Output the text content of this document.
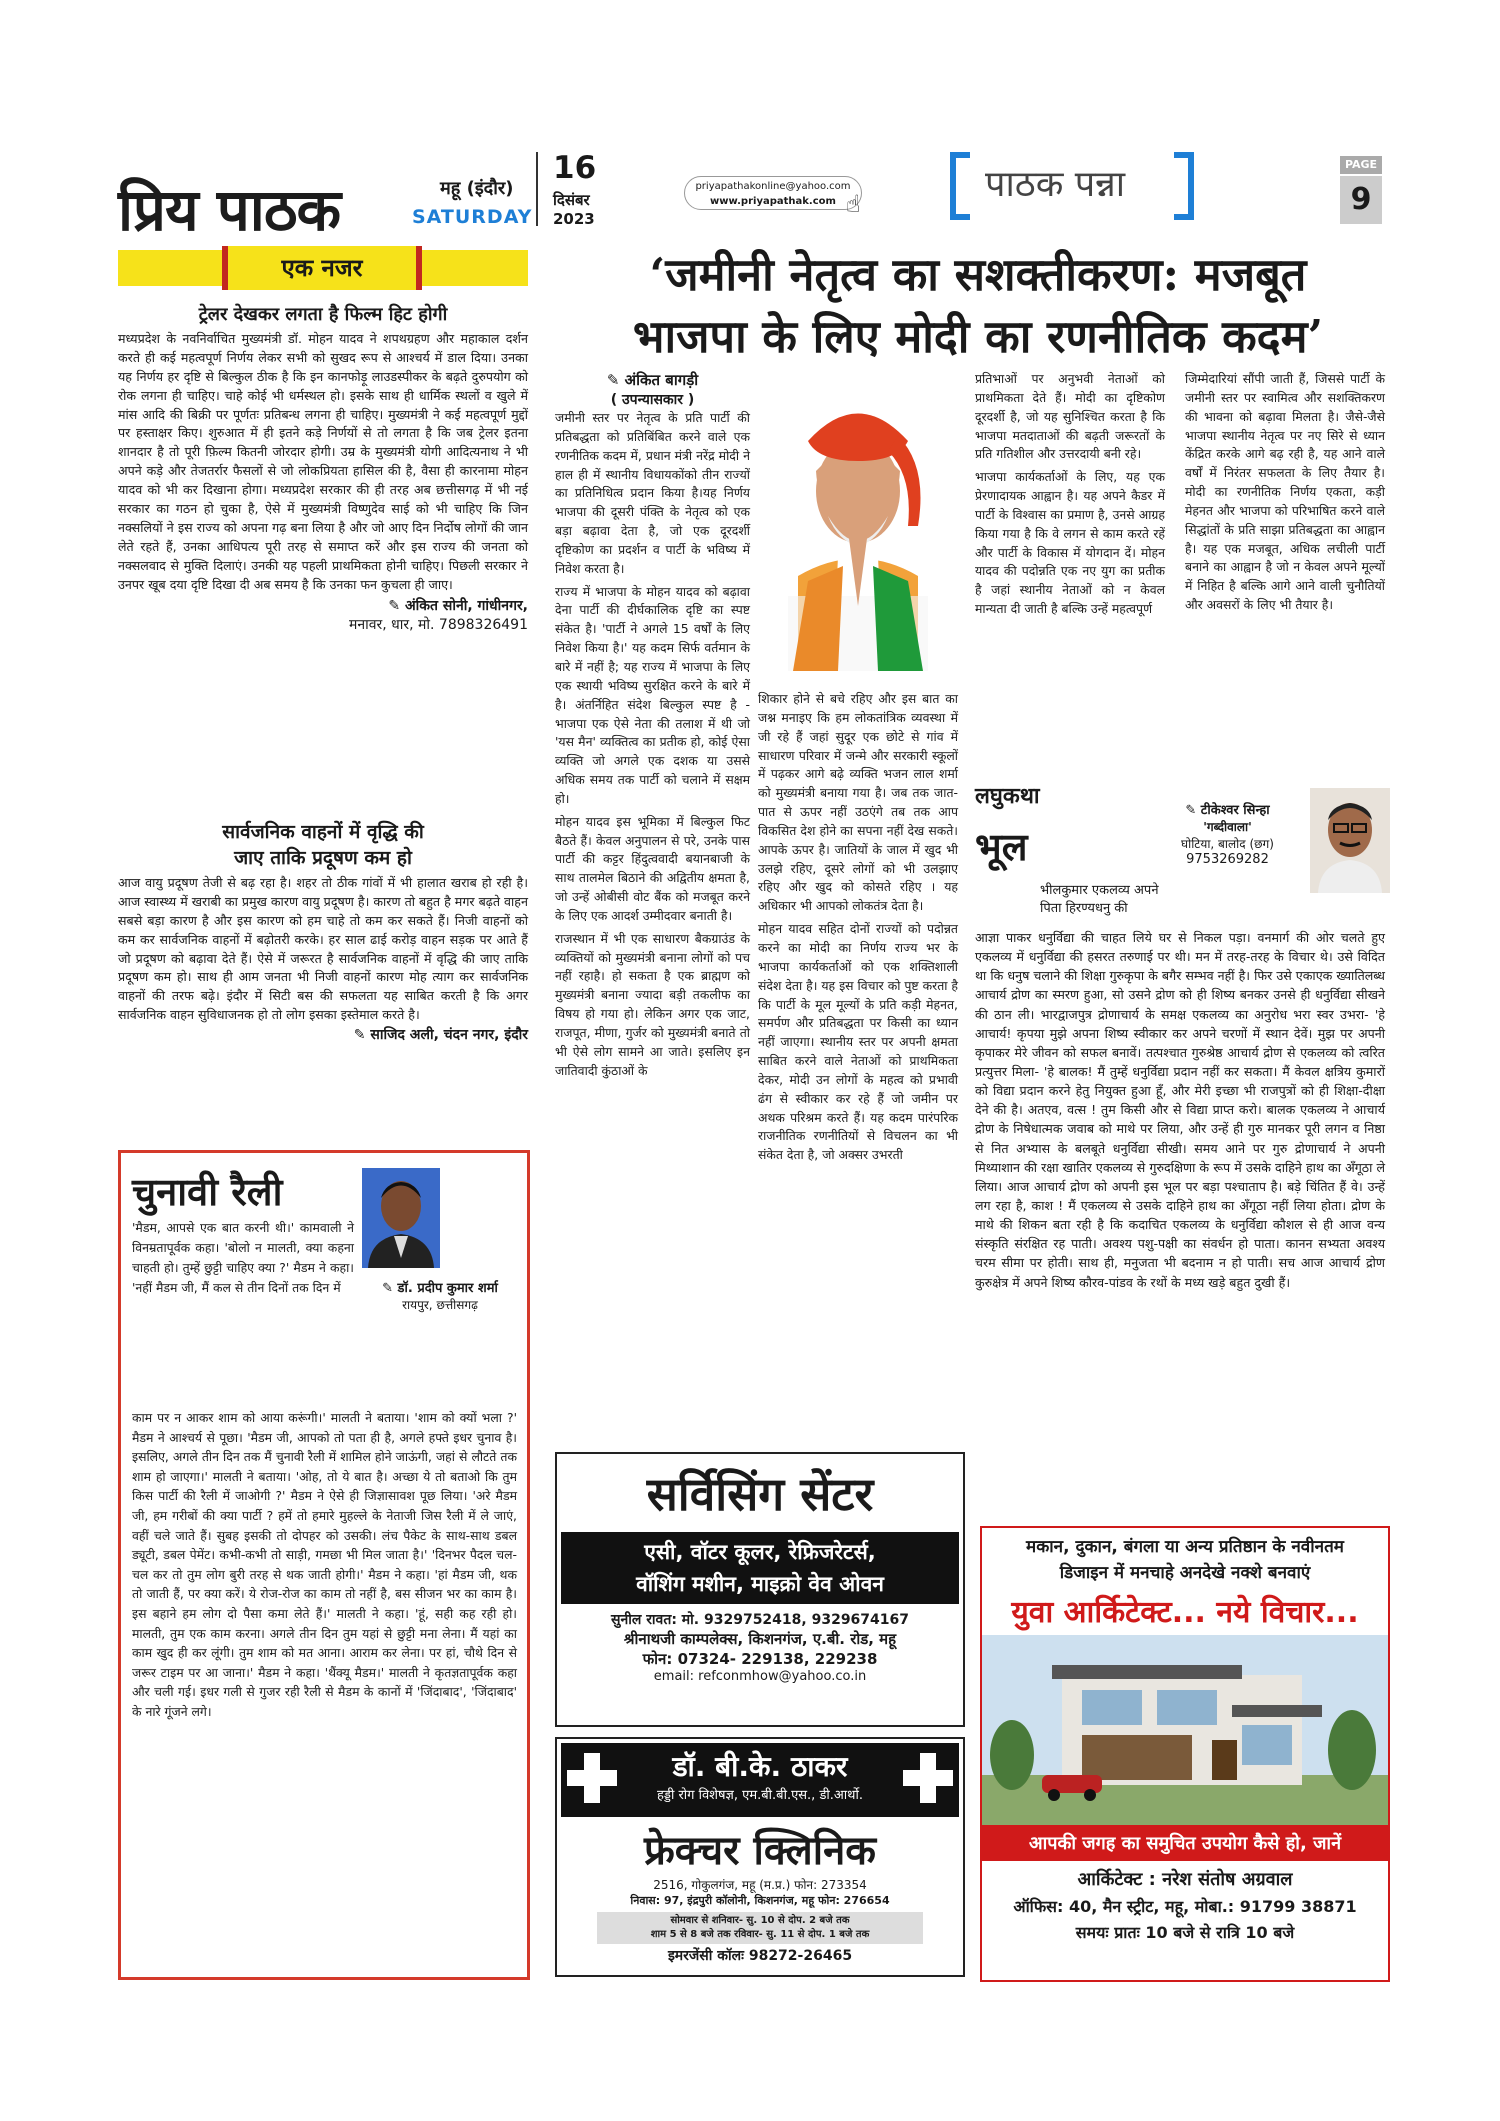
प्रिय पाठक	महू (इंदौर)
SATURDAY
16
दिसंबर
2023
priyapathakonline@yahoo.com
www.priyapathak.com ☝	पाठक पन्ना	PAGE
9
एक नजर
ट्रेलर देखकर लगता है फिल्म हिट होगी

मध्यप्रदेश के नवनिर्वाचित मुख्यमंत्री डॉ. मोहन यादव ने शपथग्रहण और महाकाल दर्शन करते ही कई महत्वपूर्ण निर्णय लेकर सभी को सुखद रूप से आश्चर्य में डाल दिया। उनका यह निर्णय हर दृष्टि से बिल्कुल ठीक है कि इन कानफोड़ू लाउडस्पीकर के बढ़ते दुरुपयोग को रोक लगना ही चाहिए। चाहे कोई भी धर्मस्थल हो। इसके साथ ही धार्मिक स्थलों व खुले में मांस आदि की बिक्री पर पूर्णतः प्रतिबन्ध लगना ही चाहिए। मुख्यमंत्री ने कई महत्वपूर्ण मुद्दों पर हस्ताक्षर किए। शुरुआत में ही इतने कड़े निर्णयों से तो लगता है कि जब ट्रेलर इतना शानदार है तो पूरी फ़िल्म कितनी जोरदार होगी। उम्र के मुख्यमंत्री योगी आदित्यनाथ ने भी अपने कड़े और तेजतर्रार फैसलों से जो लोकप्रियता हासिल की है, वैसा ही कारनामा मोहन यादव को भी कर दिखाना होगा। मध्यप्रदेश सरकार की ही तरह अब छत्तीसगढ़ में भी नई सरकार का गठन हो चुका है, ऐसे में मुख्यमंत्री विष्णुदेव साई को भी चाहिए कि जिन नक्सलियों ने इस राज्य को अपना गढ़ बना लिया है और जो आए दिन निर्दोष लोगों की जान लेते रहते हैं, उनका आधिपत्य पूरी तरह से समाप्त करें और इस राज्य की जनता को नक्सलवाद से मुक्ति दिलाएं। उनकी यह पहली प्राथमिकता होनी चाहिए। पिछली सरकार ने उनपर खूब दया दृष्टि दिखा दी अब समय है कि उनका फन कुचला ही जाए।

✎ अंकित सोनी, गांधीनगर,
मनावर, धार, मो. 7898326491
सार्वजनिक वाहनों में वृद्धि की
जाए ताकि प्रदूषण कम हो

आज वायु प्रदूषण तेजी से बढ़ रहा है। शहर तो ठीक गांवों में भी हालात खराब हो रही है। आज स्वास्थ्य में खराबी का प्रमुख कारण वायु प्रदूषण है। कारण तो बहुत है मगर बढ़ते वाहन सबसे बड़ा कारण है और इस कारण को हम चाहे तो कम कर सकते हैं। निजी वाहनों को कम कर सार्वजनिक वाहनों में बढ़ोतरी करके। हर साल ढाई करोड़ वाहन सड़क पर आते हैं जो प्रदूषण को बढ़ावा देते हैं। ऐसे में जरूरत है सार्वजनिक वाहनों में वृद्धि की जाए ताकि प्रदूषण कम हो। साथ ही आम जनता भी निजी वाहनों कारण मोह त्याग कर सार्वजनिक वाहनों की तरफ बढ़े। इंदौर में सिटी बस की सफलता यह साबित करती है कि अगर सार्वजनिक वाहन सुविधाजनक हो तो लोग इसका इस्तेमाल करते है।

✎ साजिद अली, चंदन नगर, इंदौर
‘जमीनी नेतृत्व का सशक्तीकरण: मजबूत
भाजपा के लिए मोदी का रणनीतिक कदम’
✎ अंकित बागड़ी
( उपन्यासकार )

जमीनी स्तर पर नेतृत्व के प्रति पार्टी की प्रतिबद्धता को प्रतिबिंबित करने वाले एक रणनीतिक कदम में, प्रधान मंत्री नरेंद्र मोदी ने हाल ही में स्थानीय विधायकोंको तीन राज्यों का प्रतिनिधित्व प्रदान किया है।यह निर्णय भाजपा की दूसरी पंक्ति के नेतृत्व को एक बड़ा बढ़ावा देता है, जो एक दूरदर्शी दृष्टिकोण का प्रदर्शन व पार्टी के भविष्य में निवेश करता है।

राज्य में भाजपा के मोहन यादव को बढ़ावा देना पार्टी की दीर्घकालिक दृष्टि का स्पष्ट संकेत है। 'पार्टी ने अगले 15 वर्षों के लिए निवेश किया है।' यह कदम सिर्फ वर्तमान के बारे में नहीं है; यह राज्य में भाजपा के लिए एक स्थायी भविष्य सुरक्षित करने के बारे में है। अंतर्निहित संदेश बिल्कुल स्पष्ट है - भाजपा एक ऐसे नेता की तलाश में थी जो 'यस मैन' व्यक्तित्व का प्रतीक हो, कोई ऐसा व्यक्ति जो अगले एक दशक या उससे अधिक समय तक पार्टी को चलाने में सक्षम हो।

मोहन यादव इस भूमिका में बिल्कुल फिट बैठते हैं। केवल अनुपालन से परे, उनके पास पार्टी की कट्टर हिंदुत्ववादी बयानबाजी के साथ तालमेल बिठाने की अद्वितीय क्षमता है, जो उन्हें ओबीसी वोट बैंक को मजबूत करने के लिए एक आदर्श उम्मीदवार बनाती है।

राजस्थान में भी एक साधारण बैकग्राउंड के व्यक्तियों को मुख्यमंत्री बनाना लोगों को पच नहीं रहाहै। हो सकता है एक ब्राह्मण को मुख्यमंत्री बनाना ज्यादा बड़ी तकलीफ का विषय हो गया हो। लेकिन अगर एक जाट, राजपूत, मीणा, गुर्जर को मुख्यमंत्री बनाते तो भी ऐसे लोग सामने आ जाते। इसलिए इन जातिवादी कुंठाओं के

शिकार होने से बचे रहिए और इस बात का जश्न मनाइए कि हम लोकतांत्रिक व्यवस्था में जी रहे हैं जहां सुदूर एक छोटे से गांव में साधारण परिवार में जन्मे और सरकारी स्कूलों में पढ़कर आगे बढ़े व्यक्ति भजन लाल शर्मा को मुख्यमंत्री बनाया गया है। जब तक जात-पात से ऊपर नहीं उठएंगे तब तक आप विकसित देश होने का सपना नहीं देख सकते। आपके ऊपर है। जातियों के जाल में खुद भी उलझे रहिए, दूसरे लोगों को भी उलझाए रहिए और खुद को कोसते रहिए । यह अधिकार भी आपको लोकतंत्र देता है।

मोहन यादव सहित दोनों राज्यों को पदोन्नत करने का मोदी का निर्णय राज्य भर के भाजपा कार्यकर्ताओं को एक शक्तिशाली संदेश देता है। यह इस विचार को पुष्ट करता है कि पार्टी के मूल मूल्यों के प्रति कड़ी मेहनत, समर्पण और प्रतिबद्धता पर किसी का ध्यान नहीं जाएगा। स्थानीय स्तर पर अपनी क्षमता साबित करने वाले नेताओं को प्राथमिकता देकर, मोदी उन लोगों के महत्व को प्रभावी ढंग से स्वीकार कर रहे हैं जो जमीन पर अथक परिश्रम करते हैं। यह कदम पारंपरिक राजनीतिक रणनीतियों से विचलन का भी संकेत देता है, जो अक्सर उभरती

प्रतिभाओं पर अनुभवी नेताओं को प्राथमिकता देते हैं। मोदी का दृष्टिकोण दूरदर्शी है, जो यह सुनिश्चित करता है कि भाजपा मतदाताओं की बढ़ती जरूरतों के प्रति गतिशील और उत्तरदायी बनी रहे।

भाजपा कार्यकर्ताओं के लिए, यह एक प्रेरणादायक आह्वान है। यह अपने कैडर में पार्टी के विश्वास का प्रमाण है, उनसे आग्रह किया गया है कि वे लगन से काम करते रहें और पार्टी के विकास में योगदान दें। मोहन यादव की पदोन्नति एक नए युग का प्रतीक है जहां स्थानीय नेताओं को न केवल मान्यता दी जाती है बल्कि उन्हें महत्वपूर्ण

जिम्मेदारियां सौंपी जाती हैं, जिससे पार्टी के जमीनी स्तर पर स्वामित्व और सशक्तिकरण की भावना को बढ़ावा मिलता है। जैसे-जैसे भाजपा स्थानीय नेतृत्व पर नए सिरे से ध्यान केंद्रित करके आगे बढ़ रही है, यह आने वाले वर्षों में निरंतर सफलता के लिए तैयार है। मोदी का रणनीतिक निर्णय एकता, कड़ी मेहनत और भाजपा को परिभाषित करने वाले सिद्धांतों के प्रति साझा प्रतिबद्धता का आह्वान है। यह एक मजबूत, अधिक लचीली पार्टी बनाने का आह्वान है जो न केवल अपने मूल्यों में निहित है बल्कि आगे आने वाली चुनौतियों और अवसरों के लिए भी तैयार है।

लघुकथा
भूल
✎ टीकेश्वर सिन्हा
'गब्दीवाला'
घोटिया, बालोद (छग)
9753269282
भीलकुमार एकलव्य अपने पिता हिरण्यधनु की

आज्ञा पाकर धनुर्विद्या की चाहत लिये घर से निकल पड़ा। वनमार्ग की ओर चलते हुए एकलव्य में धनुर्विद्या की हसरत तरुणाई पर थी। मन में तरह-तरह के विचार थे। उसे विदित था कि धनुष चलाने की शिक्षा गुरुकृपा के बगैर सम्भव नहीं है। फिर उसे एकाएक ख्यातिलब्ध आचार्य द्रोण का स्मरण हुआ, सो उसने द्रोण को ही शिष्य बनकर उनसे ही धनुर्विद्या सीखने की ठान ली। भारद्वाजपुत्र द्रोणाचार्य के समक्ष एकलव्य का अनुरोध भरा स्वर उभरा- 'हे आचार्य! कृपया मुझे अपना शिष्य स्वीकार कर अपने चरणों में स्थान देवें। मुझ पर अपनी कृपाकर मेरे जीवन को सफल बनावें। तत्पश्चात गुरुश्रेष्ठ आचार्य द्रोण से एकलव्य को त्वरित प्रत्युत्तर मिला- 'हे बालक! मैं तुम्हें धनुर्विद्या प्रदान नहीं कर सकता। मैं केवल क्षत्रिय कुमारों को विद्या प्रदान करने हेतु नियुक्त हुआ हूँ, और मेरी इच्छा भी राजपुत्रों को ही शिक्षा-दीक्षा देने की है। अतएव, वत्स ! तुम किसी और से विद्या प्राप्त करो। बालक एकलव्य ने आचार्य द्रोण के निषेधात्मक जवाब को माथे पर लिया, और उन्हें ही गुरु मानकर पूरी लगन व निष्ठा से नित अभ्यास के बलबूते धनुर्विद्या सीखी। समय आने पर गुरु द्रोणाचार्य ने अपनी मिथ्याशान की रक्षा खातिर एकलव्य से गुरुदक्षिणा के रूप में उसके दाहिने हाथ का अँगूठा ले लिया। आज आचार्य द्रोण को अपनी इस भूल पर बड़ा पश्चाताप है। बड़े चिंतित हैं वे। उन्हें लग रहा है, काश ! मैं एकलव्य से उसके दाहिने हाथ का अँगूठा नहीं लिया होता। द्रोण के माथे की शिकन बता रही है कि कदाचित एकलव्य के धनुर्विद्या कौशल से ही आज वन्य संस्कृति संरक्षित रह पाती। अवश्य पशु-पक्षी का संवर्धन हो पाता। कानन सभ्यता अवश्य चरम सीमा पर होती। साथ ही, मनुजता भी बदनाम न हो पाती। सच आज आचार्य द्रोण कुरुक्षेत्र में अपने शिष्य कौरव-पांडव के रथों के मध्य खड़े बहुत दुखी हैं।

चुनावी रैली
✎ डॉ. प्रदीप कुमार शर्मा
रायपुर, छत्तीसगढ़

'मैडम, आपसे एक बात करनी थी।' कामवाली ने विनम्रतापूर्वक कहा। 'बोलो न मालती, क्या कहना चाहती हो। तुम्हें छुट्टी चाहिए क्या ?' मैडम ने कहा। 'नहीं मैडम जी, मैं कल से तीन दिनों तक दिन में

काम पर न आकर शाम को आया करूंगी।' मालती ने बताया। 'शाम को क्यों भला ?' मैडम ने आश्चर्य से पूछा। 'मैडम जी, आपको तो पता ही है, अगले हफ्ते इधर चुनाव है। इसलिए, अगले तीन दिन तक मैं चुनावी रैली में शामिल होने जाऊंगी, जहां से लौटते तक शाम हो जाएगा।' मालती ने बताया। 'ओह, तो ये बात है। अच्छा ये तो बताओ कि तुम किस पार्टी की रैली में जाओगी ?' मैडम ने ऐसे ही जिज्ञासावश पूछ लिया। 'अरे मैडम जी, हम गरीबों की क्या पार्टी ? हमें तो हमारे मुहल्ले के नेताजी जिस रैली में ले जाएं, वहीं चले जाते हैं। सुबह इसकी तो दोपहर को उसकी। लंच पैकेट के साथ-साथ डबल ड्यूटी, डबल पेमेंट। कभी-कभी तो साड़ी, गमछा भी मिल जाता है।' 'दिनभर पैदल चल-चल कर तो तुम लोग बुरी तरह से थक जाती होगी।' मैडम ने कहा। 'हां मैडम जी, थक तो जाती हैं, पर क्या करें। ये रोज-रोज का काम तो नहीं है, बस सीजन भर का काम है। इस बहाने हम लोग दो पैसा कमा लेते हैं।' मालती ने कहा। 'हूं, सही कह रही हो। मालती, तुम एक काम करना। अगले तीन दिन तुम यहां से छुट्टी मना लेना। मैं यहां का काम खुद ही कर लूंगी। तुम शाम को मत आना। आराम कर लेना। पर हां, चौथे दिन से जरूर टाइम पर आ जाना।' मैडम ने कहा। 'थैंक्यू मैडम।' मालती ने कृतज्ञतापूर्वक कहा और चली गई। इधर गली से गुजर रही रैली से मैडम के कानों में 'जिंदाबाद', 'जिंदाबाद' के नारे गूंजने लगे।

सर्विसिंग सेंटर
एसी, वॉटर कूलर, रेफ्रिजरेटर्स,
वॉशिंग मशीन, माइक्रो वेव ओवन
सुनील रावत: मो. 9329752418, 9329674167
श्रीनाथजी काम्पलेक्स, किशनगंज, ए.बी. रोड, महू
फोन: 07324- 229138, 229238
email: refconmhow@yahoo.co.in
डॉ. बी.के. ठाकर
हड्डी रोग विशेषज्ञ, एम.बी.बी.एस., डी.आर्थो.
फ्रेक्चर क्लिनिक
2516, गोकुलगंज, महू (म.प्र.) फोन: 273354
निवास: 97, इंद्रपुरी कॉलोनी, किशनगंज, महू फोन: 276654
सोमवार से शनिवार- सु. 10 से दोप. 2 बजे तक
शाम 5 से 8 बजे तक रविवार- सु. 11 से दोप. 1 बजे तक
इमरजेंसी कॉलः 98272-26465
मकान, दुकान, बंगला या अन्य प्रतिष्ठान के नवीनतम
डिजाइन में मनचाहे अनदेखे नक्शे बनवाएं
युवा आर्किटेक्ट... नये विचार...
आपकी जगह का समुचित उपयोग कैसे हो, जानें
आर्किटेक्ट : नरेश संतोष अग्रवाल
ऑफिस: 40, मैन स्ट्रीट, महू, मोबा.: 91799 38871
समयः प्रातः 10 बजे से रात्रि 10 बजे
